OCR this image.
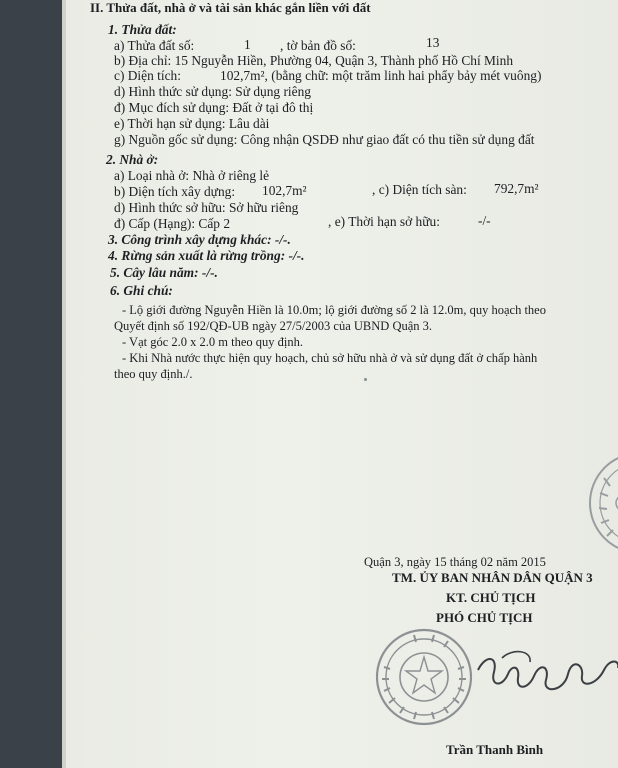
II. Thửa đất, nhà ở và tài sản khác gắn liền với đất
1. Thửa đất:
a) Thửa đất số:	1 , tờ bản đồ số:	13
b) Địa chỉ: 15 Nguyễn Hiền, Phường 04, Quận 3, Thành phố Hồ Chí Minh
c) Diện tích:	102,7m², (bằng chữ: một trăm linh hai phẩy bảy mét vuông)
d) Hình thức sử dụng: Sử dụng riêng
đ) Mục đích sử dụng: Đất ở tại đô thị
e) Thời hạn sử dụng: Lâu dài
g) Nguồn gốc sử dụng: Công nhận QSDĐ như giao đất có thu tiền sử dụng đất
2. Nhà ở:
a) Loại nhà ở: Nhà ở riêng lẻ
b) Diện tích xây dựng: 102,7m²	, c) Diện tích sàn: 792,7m²
d) Hình thức sở hữu: Sở hữu riêng
đ) Cấp (Hạng): Cấp 2	, e) Thời hạn sở hữu:	-/-
3. Công trình xây dựng khác: -/-.
4. Rừng sản xuất là rừng trồng: -/-.
5. Cây lâu năm: -/-.
6. Ghi chú:
- Lộ giới đường Nguyễn Hiền là 10.0m; lộ giới đường số 2 là 12.0m, quy hoạch theo
Quyết định số 192/QĐ-UB ngày 27/5/2003 của UBND Quận 3.
- Vạt góc 2.0 x 2.0 m theo quy định.
- Khi Nhà nước thực hiện quy hoạch, chủ sở hữu nhà ở và sử dụng đất ở chấp hành
theo quy định./.
Quận 3, ngày 15 tháng 02 năm 2015
TM. ỦY BAN NHÂN DÂN QUẬN 3
KT. CHỦ TỊCH
PHÓ CHỦ TỊCH
Trần Thanh Bình
